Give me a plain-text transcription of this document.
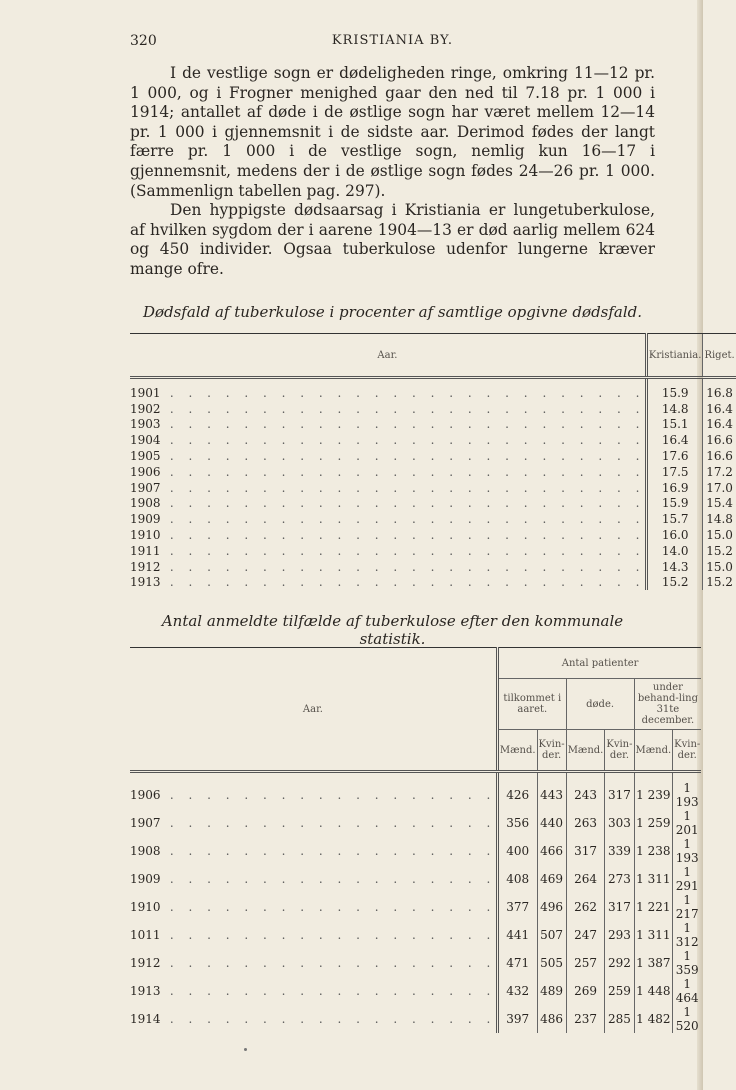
320	KRISTIANIA BY.

I de vestlige sogn er dødeligheden ringe, omkring 11—12 pr. 1 000, og i Frogner menighed gaar den ned til 7.18 pr. 1 000 i 1914; antallet af døde i de østlige sogn har været mellem 12—14 pr. 1 000 i gjennemsnit i de sidste aar. Derimod fødes der langt færre pr. 1 000 i de vestlige sogn, nemlig kun 16—17 i gjennemsnit, medens der i de østlige sogn fødes 24—26 pr. 1 000. (Sammenlign tabellen pag. 297).

Den hyppigste dødsaarsag i Kristiania er lungetuberkulose, af hvilken sygdom der i aarene 1904—13 er død aarlig mellem 624 og 450 individer. Ogsaa tuberkulose udenfor lungerne kræver mange ofre.

Dødsfald af tuberkulose i procenter af samtlige opgivne dødsfald.
Aar.	Kristiania.	Riget.
1901 . . . . . . . . . . . . . . . . . . . . . . . . . .	15.9	16.8
1902 . . . . . . . . . . . . . . . . . . . . . . . . . .	14.8	16.4
1903 . . . . . . . . . . . . . . . . . . . . . . . . . .	15.1	16.4
1904 . . . . . . . . . . . . . . . . . . . . . . . . . .	16.4	16.6
1905 . . . . . . . . . . . . . . . . . . . . . . . . . .	17.6	16.6
1906 . . . . . . . . . . . . . . . . . . . . . . . . . .	17.5	17.2
1907 . . . . . . . . . . . . . . . . . . . . . . . . . .	16.9	17.0
1908 . . . . . . . . . . . . . . . . . . . . . . . . . .	15.9	15.4
1909 . . . . . . . . . . . . . . . . . . . . . . . . . .	15.7	14.8
1910 . . . . . . . . . . . . . . . . . . . . . . . . . .	16.0	15.0
1911 . . . . . . . . . . . . . . . . . . . . . . . . . .	14.0	15.2
1912 . . . . . . . . . . . . . . . . . . . . . . . . . .	14.3	15.0
1913 . . . . . . . . . . . . . . . . . . . . . . . . . .	15.2	15.2
Antal anmeldte tilfælde af tuberkulose efter den kommunale statistik.
Aar.	Antal patienter					
	tilkommet i aaret.		døde.		under behand-ling 31te december.	
	Mænd.	Kvin-der.	Mænd.	Kvin-der.	Mænd.	Kvin-der.
1906 . . . . . . . . . . . . . . . . . .	426	443	243	317	1 239	1 193
1907 . . . . . . . . . . . . . . . . . .	356	440	263	303	1 259	1 201
1908 . . . . . . . . . . . . . . . . . .	400	466	317	339	1 238	1 193
1909 . . . . . . . . . . . . . . . . . .	408	469	264	273	1 311	1 291
1910 . . . . . . . . . . . . . . . . . .	377	496	262	317	1 221	1 217
1011 . . . . . . . . . . . . . . . . . .	441	507	247	293	1 311	1 312
1912 . . . . . . . . . . . . . . . . . .	471	505	257	292	1 387	1 359
1913 . . . . . . . . . . . . . . . . . .	432	489	269	259	1 448	1 464
1914 . . . . . . . . . . . . . . . . . .	397	486	237	285	1 482	1 520
